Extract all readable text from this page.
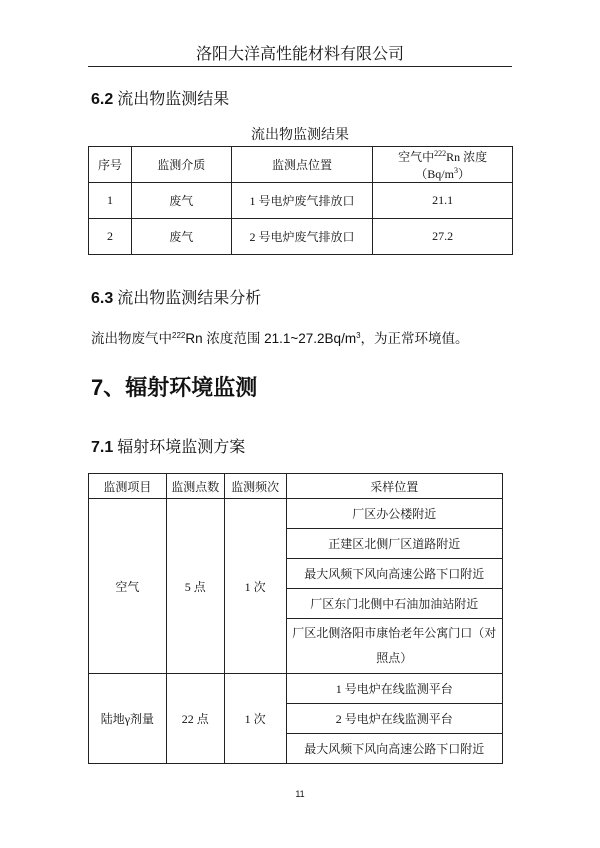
洛阳大洋高性能材料有限公司
6.2 流出物监测结果
流出物监测结果
序号	监测介质	监测点位置	空气中$^{222}$Rn 浓度
$(Bq/m^3)$
1	废气	1 号电炉废气排放口	21.1
2	废气	2 号电炉废气排放口	27.2
6.3 流出物监测结果分析
流出物废气中$^{222}$Rn 浓度范围 $21.1\sim 27.2Bq/m^3$，为正常环境值。
7、辐射环境监测
7.1 辐射环境监测方案
监测项目	监测点数	监测频次	采样位置
空气	5 点	1 次	厂区办公楼附近
			正建区北侧厂区道路附近
			最大风频下风向高速公路下口附近
			厂区东门北侧中石油加油站附近

			厂区北侧洛阳市康怡老年公寓门口（对照点）

陆地γ剂量	22 点	1 次	1 号电炉在线监测平台
			2 号电炉在线监测平台
			最大风频下风向高速公路下口附近
11
